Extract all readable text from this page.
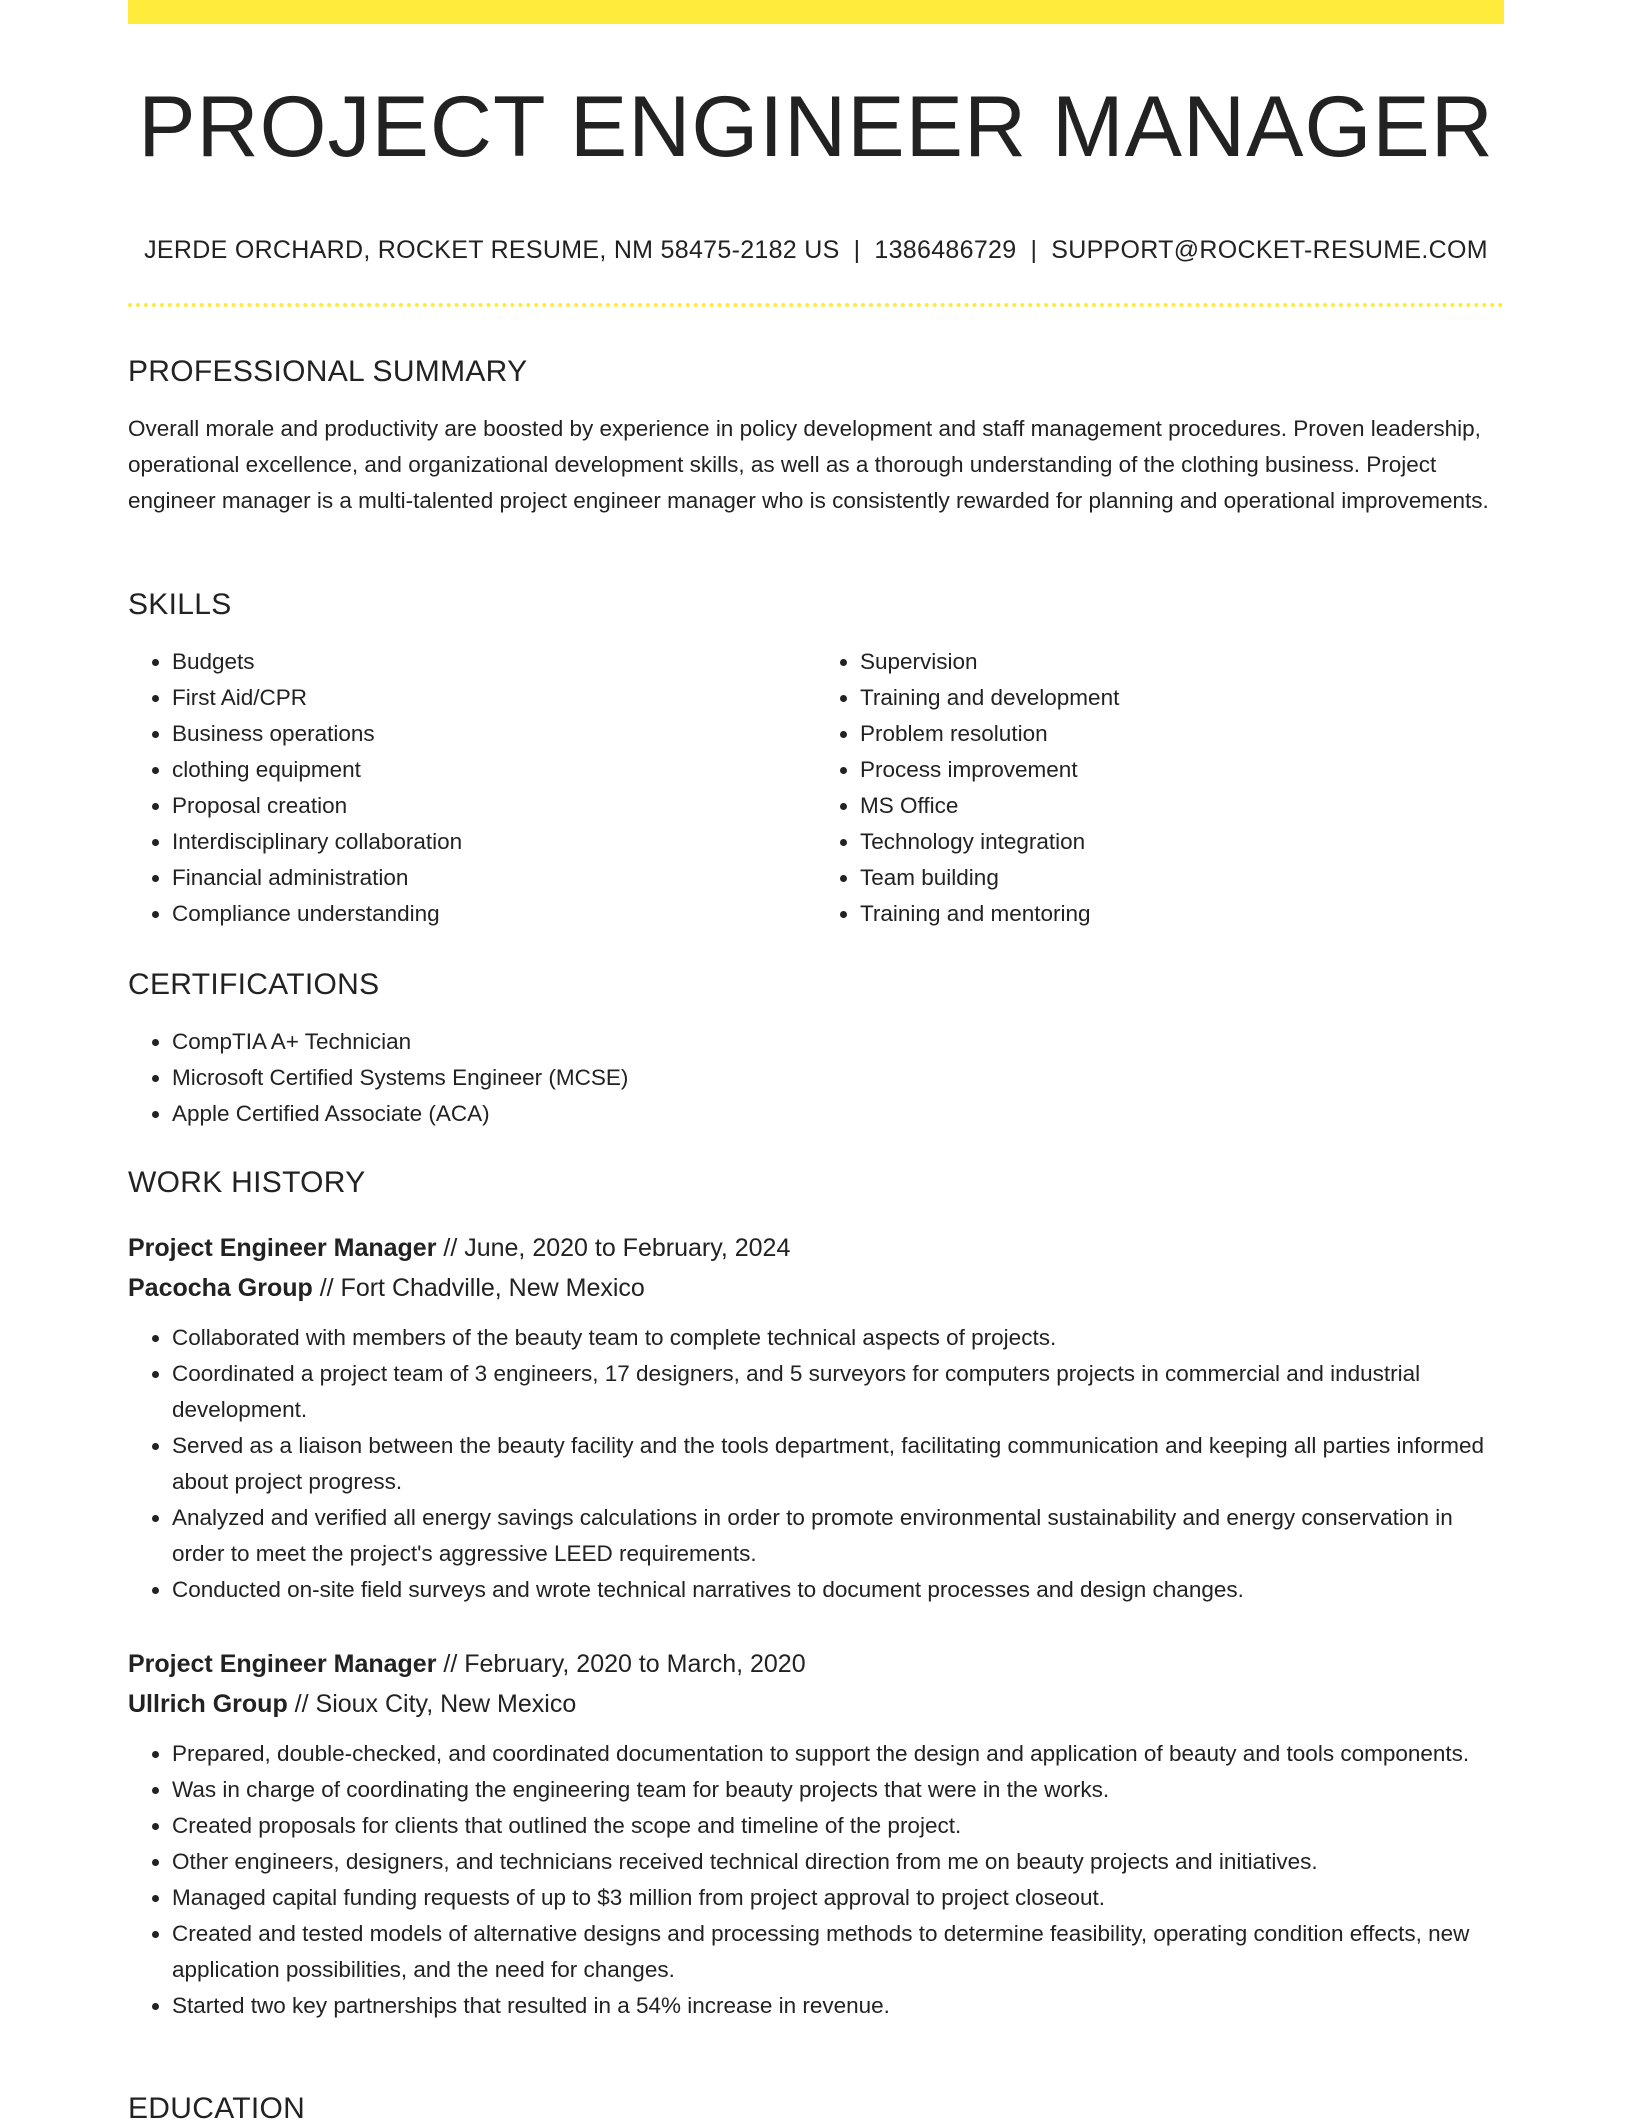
PROJECT ENGINEER MANAGER
JERDE ORCHARD, ROCKET RESUME, NM 58475-2182 US | 1386486729 | SUPPORT@ROCKET-RESUME.COM
PROFESSIONAL SUMMARY

Overall morale and productivity are boosted by experience in policy development and staff management procedures. Proven leadership, operational excellence, and organizational development skills, as well as a thorough understanding of the clothing business. Project engineer manager is a multi-talented project engineer manager who is consistently rewarded for planning and operational improvements.

SKILLS
• Budgets
• First Aid/CPR
• Business operations
• clothing equipment
• Proposal creation
• Interdisciplinary collaboration
• Financial administration
• Compliance understanding
• Supervision
• Training and development
• Problem resolution
• Process improvement
• MS Office
• Technology integration
• Team building
• Training and mentoring
CERTIFICATIONS
• CompTIA A+ Technician
• Microsoft Certified Systems Engineer (MCSE)
• Apple Certified Associate (ACA)
WORK HISTORY
Project Engineer Manager // June, 2020 to February, 2024
Pacocha Group // Fort Chadville, New Mexico
• Collaborated with members of the beauty team to complete technical aspects of projects.
• Coordinated a project team of 3 engineers, 17 designers, and 5 surveyors for computers projects in commercial and industrial development.
• Served as a liaison between the beauty facility and the tools department, facilitating communication and keeping all parties informed about project progress.
• Analyzed and verified all energy savings calculations in order to promote environmental sustainability and energy conservation in order to meet the project's aggressive LEED requirements.
• Conducted on-site field surveys and wrote technical narratives to document processes and design changes.
Project Engineer Manager // February, 2020 to March, 2020
Ullrich Group // Sioux City, New Mexico
• Prepared, double-checked, and coordinated documentation to support the design and application of beauty and tools components.
• Was in charge of coordinating the engineering team for beauty projects that were in the works.
• Created proposals for clients that outlined the scope and timeline of the project.
• Other engineers, designers, and technicians received technical direction from me on beauty projects and initiatives.
• Managed capital funding requests of up to $3 million from project approval to project closeout.
• Created and tested models of alternative designs and processing methods to determine feasibility, operating condition effects, new application possibilities, and the need for changes.
• Started two key partnerships that resulted in a 54% increase in revenue.
EDUCATION
